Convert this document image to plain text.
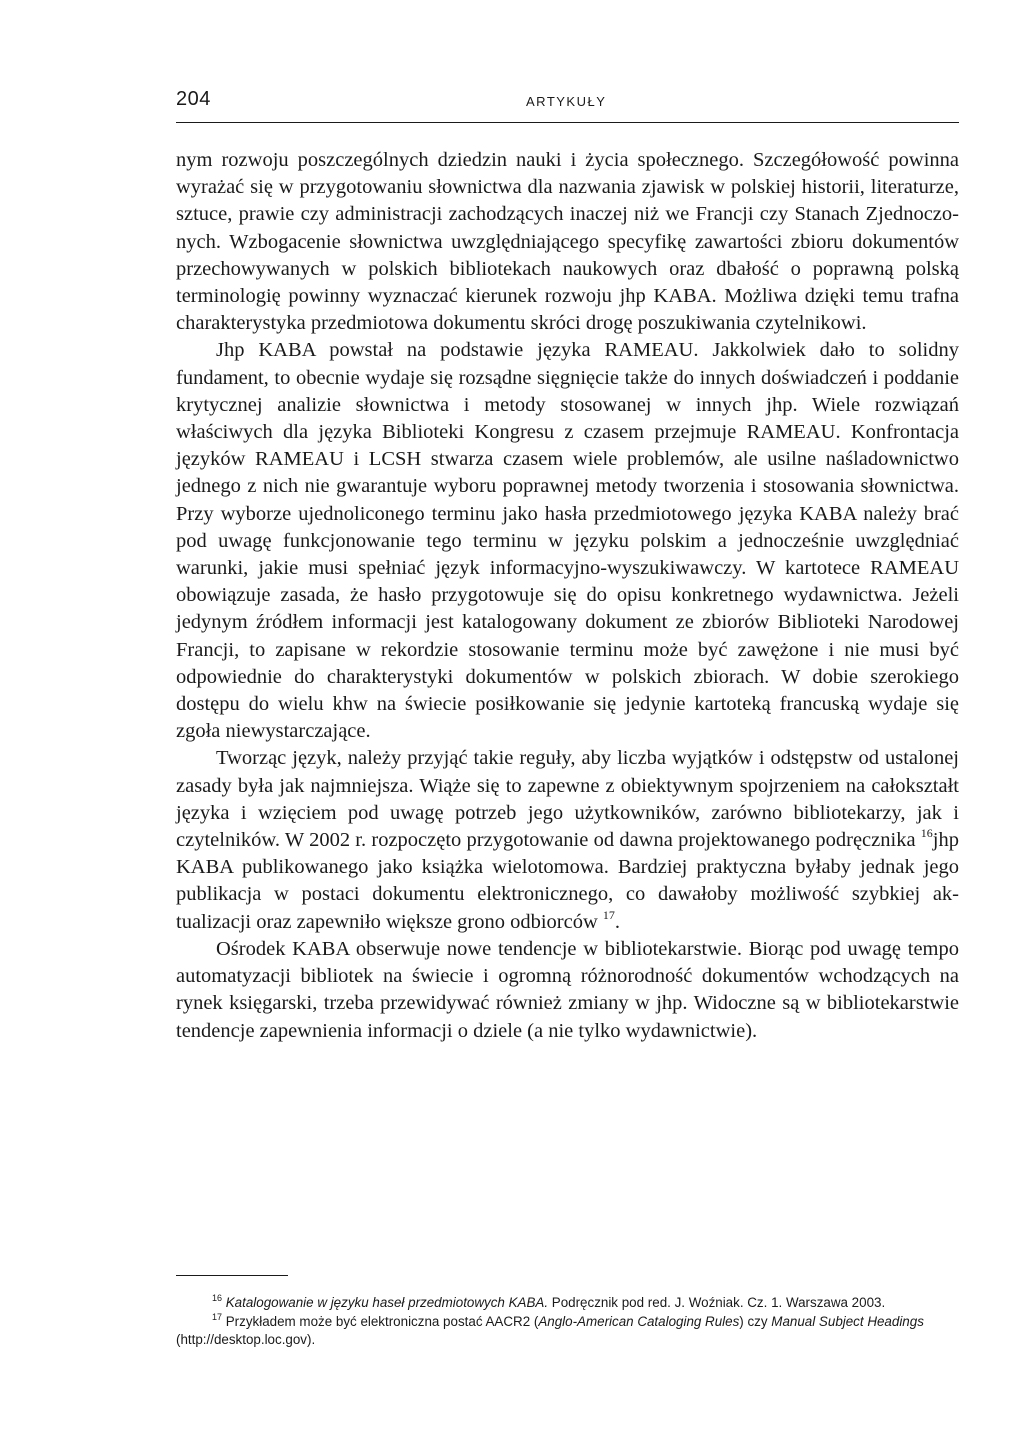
204	ARTYKUŁY

nym rozwoju poszczególnych dziedzin nauki i życia społecznego. Szczegółowość powinna wyrażać się w przygotowaniu słownictwa dla nazwania zjawisk w polskiej historii, literaturze, sztuce, prawie czy administracji zachodzących inaczej niż we Francji czy Stanach Zjednoczonych. Wzbogacenie słownictwa uwzględniającego specyfikę zawartości zbioru dokumentów przechowywanych w polskich bibliotekach naukowych oraz dbałość o poprawną polską terminologię powinny wyznaczać kierunek rozwoju jhp KABA. Możliwa dzięki temu trafna charakterystyka przedmiotowa dokumentu skróci drogę poszukiwania czytelnikowi.

Jhp KABA powstał na podstawie języka RAMEAU. Jakkolwiek dało to solidny fundament, to obecnie wydaje się rozsądne sięgnięcie także do innych doświadczeń i poddanie krytycznej analizie słownictwa i metody stosowanej w innych jhp. Wiele rozwiązań właściwych dla języka Biblioteki Kongresu z czasem przejmuje RAMEAU. Konfrontacja języków RAMEAU i LCSH stwarza czasem wiele problemów, ale usilne naśladownictwo jednego z nich nie gwarantuje wyboru poprawnej metody tworzenia i stosowania słownictwa. Przy wyborze ujednoliconego terminu jako hasła przedmiotowego języka KABA należy brać pod uwagę funkcjonowanie tego terminu w języku polskim a jednocześnie uwzględniać warunki, jakie musi spełniać język informacyjno-wyszukiwawczy. W kartotece RAMEAU obowiązuje zasada, że hasło przygotowuje się do opisu konkretnego wydawnictwa. Jeżeli jedynym źródłem informacji jest katalogowany dokument ze zbiorów Biblioteki Narodowej Francji, to zapisane w rekordzie stosowanie terminu może być zawężone i nie musi być odpowiednie do charakterystyki dokumentów w polskich zbiorach. W dobie szerokiego dostępu do wielu khw na świecie posiłkowanie się jedynie kartoteką francuską wydaje się zgoła niewystarczające.

Tworząc język, należy przyjąć takie reguły, aby liczba wyjątków i odstępstw od ustalonej zasady była jak najmniejsza. Wiąże się to zapewne z obiektywnym spojrzeniem na całokształt języka i wzięciem pod uwagę potrzeb jego użytkowników, zarówno bibliotekarzy, jak i czytelników. W 2002 r. rozpoczęto przygotowanie od dawna projektowanego podręcznika $^{16}$jhp KABA publikowanego jako książka wielotomowa. Bardziej praktyczna byłaby jednak jego publikacja w postaci dokumentu elektronicznego, co dawałoby możliwość szybkiej aktualizacji oraz zapewniło większe grono odbiorców $^{17}$.

Ośrodek KABA obserwuje nowe tendencje w bibliotekarstwie. Biorąc pod uwagę tempo automatyzacji bibliotek na świecie i ogromną różnorodność dokumentów wchodzących na rynek księgarski, trzeba przewidywać również zmiany w jhp. Widoczne są w bibliotekarstwie tendencje zapewnienia informacji o dziele (a nie tylko wydawnictwie).

$^{16}$ Katalogowanie w języku haseł przedmiotowych KABA. Podręcznik pod red. J. Woźniak. Cz. 1. Warszawa 2003.

$^{17}$ Przykładem może być elektroniczna postać AACR2 (Anglo-American Cataloging Rules) czy Manual Subject Headings (http://desktop.loc.gov).
